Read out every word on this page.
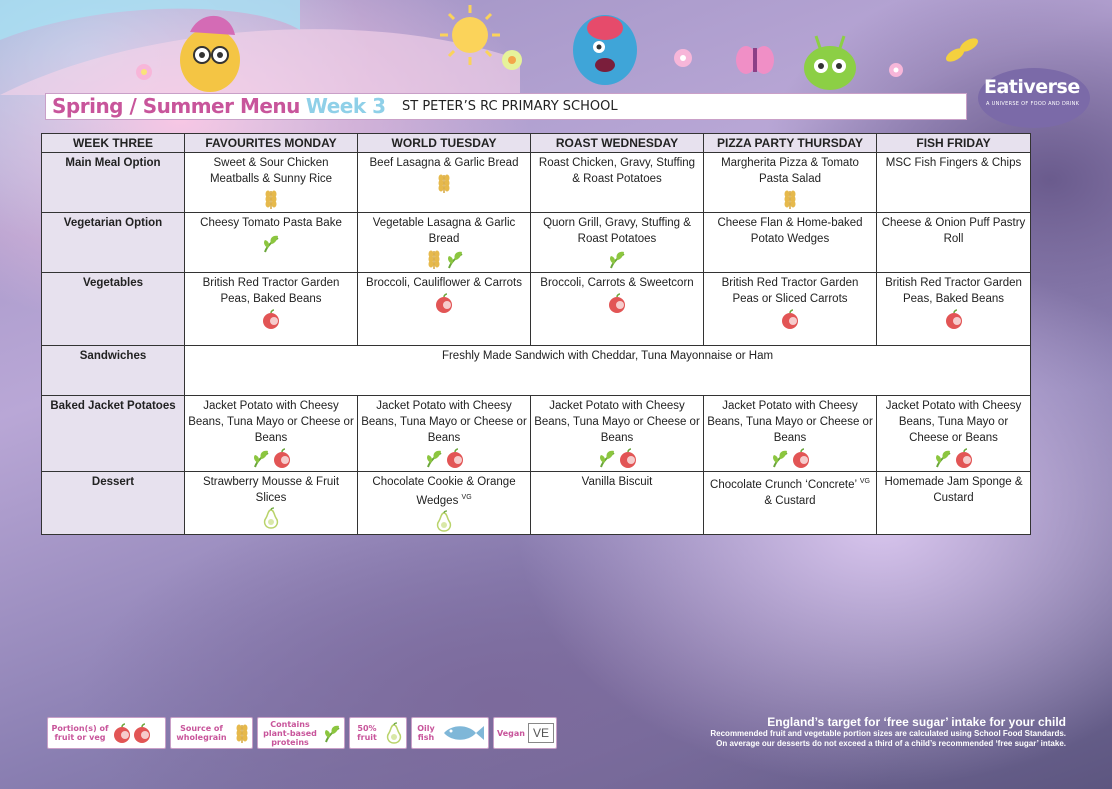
Eativerse
A UNIVERSE OF FOOD AND DRINK
Spring / Summer Menu Week 3 ST PETER’S RC PRIMARY SCHOOL
WEEK THREE	FAVOURITES MONDAY	WORLD TUESDAY	ROAST WEDNESDAY	PIZZA PARTY THURSDAY	FISH FRIDAY
Main Meal Option	Sweet & Sour Chicken Meatballs & Sunny Rice	Beef Lasagna & Garlic Bread	Roast Chicken, Gravy, Stuffing & Roast Potatoes	Margherita Pizza & Tomato Pasta Salad	MSC Fish Fingers & Chips
Vegetarian Option	Cheesy Tomato Pasta Bake	Vegetable Lasagna & Garlic Bread	Quorn Grill, Gravy, Stuffing & Roast Potatoes	Cheese Flan & Home-baked Potato Wedges	Cheese & Onion Puff Pastry Roll
Vegetables	British Red Tractor Garden Peas, Baked Beans	Broccoli, Cauliflower & Carrots	Broccoli, Carrots & Sweetcorn	British Red Tractor Garden Peas or Sliced Carrots	British Red Tractor Garden Peas, Baked Beans

Sandwiches	Freshly Made Sandwich with Cheddar, Tuna Mayonnaise or Ham				
Baked Jacket Potatoes	Jacket Potato with Cheesy Beans, Tuna Mayo or Cheese or Beans	Jacket Potato with Cheesy Beans, Tuna Mayo or Cheese or Beans	Jacket Potato with Cheesy Beans, Tuna Mayo or Cheese or Beans	Jacket Potato with Cheesy Beans, Tuna Mayo or Cheese or Beans	Jacket Potato with Cheesy Beans, Tuna Mayo or Cheese or Beans

Dessert	Strawberry Mousse & Fruit Slices	Chocolate Cookie & Orange Wedges $^{VG}$	Vanilla Biscuit	Chocolate Crunch ‘Concrete’ $^{VG}$ & Custard	Homemade Jam Sponge & Custard
Portion(s) of fruit or veg
Source of wholegrain
Contains plant-based proteins
50% fruit
Oily fish	Vegan VE
England’s target for ‘free sugar’ intake for your child
Recommended fruit and vegetable portion sizes are calculated using School Food Standards.
On average our desserts do not exceed a third of a child’s recommended ‘free sugar’ intake.
